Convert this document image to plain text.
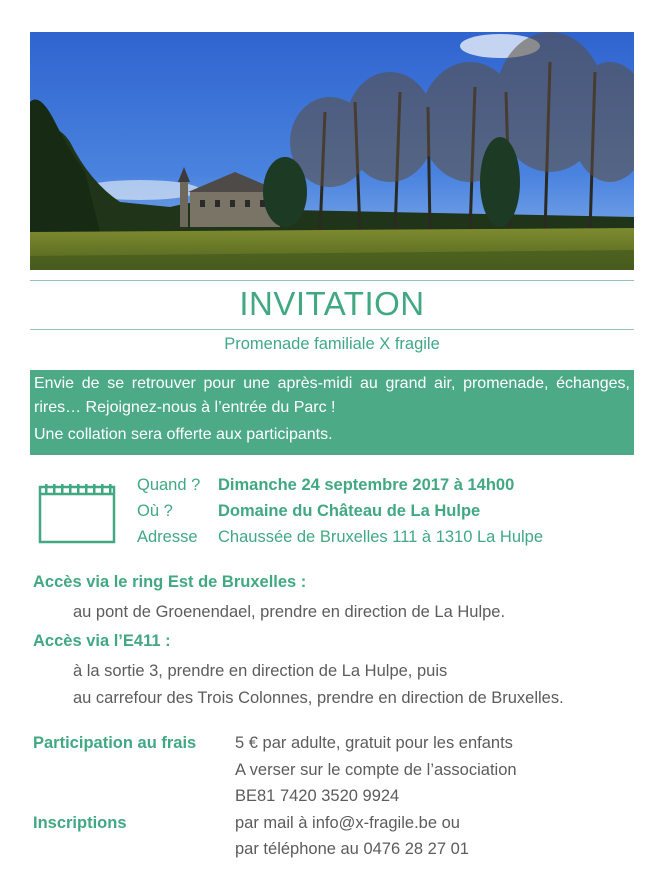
INVITATION
Promenade familiale X fragile

Envie de se retrouver pour une après-midi au grand air, promenade, échanges, rires… Rejoignez-nous à l’entrée du Parc !

Une collation sera offerte aux participants.

Quand ? Dimanche 24 septembre 2017 à 14h00
Où ?	Domaine du Château de La Hulpe
Adresse Chaussée de Bruxelles 111 à 1310 La Hulpe
Accès via le ring Est de Bruxelles :
au pont de Groenendael, prendre en direction de La Hulpe.
Accès via l’E411 :
à la sortie 3, prendre en direction de La Hulpe, puis
au carrefour des Trois Colonnes, prendre en direction de Bruxelles.
Participation au frais 5 € par adulte, gratuit pour les enfants
A verser sur le compte de l’association
BE81 7420 3520 9924
Inscriptions	par mail à info@x-fragile.be ou
par téléphone au 0476 28 27 01
